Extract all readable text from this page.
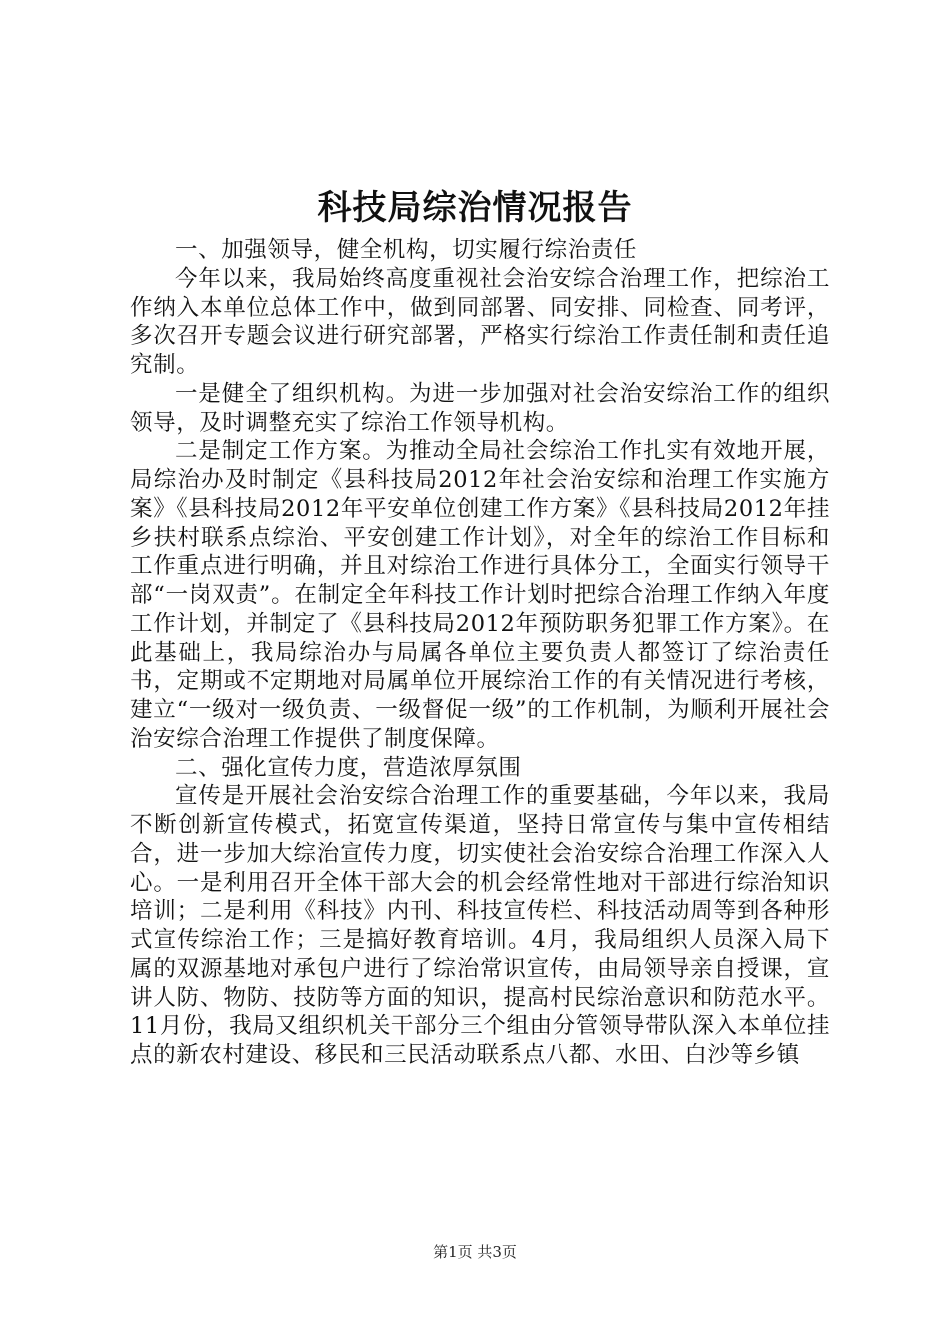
科技局综治情况报告

一、加强领导，健全机构，切实履行综治责任

今年以来，我局始终高度重视社会治安综合治理工作，把综治工作纳入本单位总体工作中，做到同部署、同安排、同检查、同考评，多次召开专题会议进行研究部署，严格实行综治工作责任制和责任追究制。

一是健全了组织机构。为进一步加强对社会治安综治工作的组织领导，及时调整充实了综治工作领导机构。

二是制定工作方案。为推动全局社会综治工作扎实有效地开展，局综治办及时制定《县科技局2012年社会治安综和治理工作实施方案》《县科技局2012年平安单位创建工作方案》《县科技局2012年挂乡扶村联系点综治、平安创建工作计划》，对全年的综治工作目标和工作重点进行明确，并且对综治工作进行具体分工，全面实行领导干部“一岗双责”。在制定全年科技工作计划时把综合治理工作纳入年度工作计划，并制定了《县科技局2012年预防职务犯罪工作方案》。在此基础上，我局综治办与局属各单位主要负责人都签订了综治责任书，定期或不定期地对局属单位开展综治工作的有关情况进行考核，建立“一级对一级负责、一级督促一级”的工作机制，为顺利开展社会治安综合治理工作提供了制度保障。

二、强化宣传力度，营造浓厚氛围

宣传是开展社会治安综合治理工作的重要基础，今年以来，我局不断创新宣传模式，拓宽宣传渠道，坚持日常宣传与集中宣传相结合，进一步加大综治宣传力度，切实使社会治安综合治理工作深入人心。一是利用召开全体干部大会的机会经常性地对干部进行综治知识培训；二是利用《科技》内刊、科技宣传栏、科技活动周等到各种形式宣传综治工作；三是搞好教育培训。4月，我局组织人员深入局下属的双源基地对承包户进行了综治常识宣传，由局领导亲自授课，宣讲人防、物防、技防等方面的知识，提高村民综治意识和防范水平。11月份，我局又组织机关干部分三个组由分管领导带队深入本单位挂点的新农村建设、移民和三民活动联系点八都、水田、白沙等乡镇

第1页 共3页
